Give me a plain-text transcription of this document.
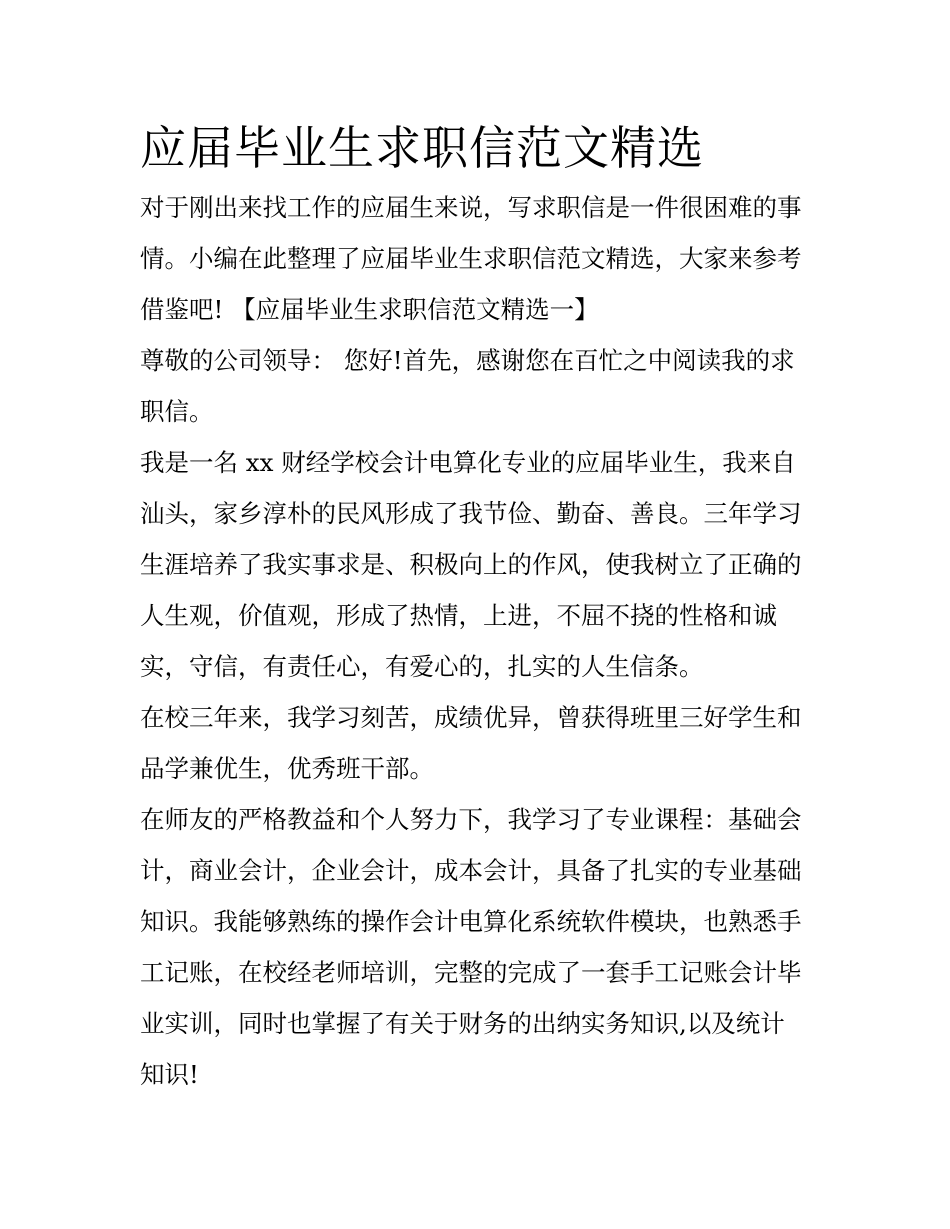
应届毕业生求职信范文精选

对于刚出来找工作的应届生来说，写求职信是一件很困难的事

情。小编在此整理了应届毕业生求职信范文精选，大家来参考

借鉴吧! 【应届毕业生求职信范文精选一】

尊敬的公司领导： 您好!首先，感谢您在百忙之中阅读我的求

职信。

我是一名 xx 财经学校会计电算化专业的应届毕业生，我来自

汕头，家乡淳朴的民风形成了我节俭、勤奋、善良。三年学习

生涯培养了我实事求是、积极向上的作风，使我树立了正确的

人生观，价值观，形成了热情，上进，不屈不挠的性格和诚

实，守信，有责任心，有爱心的，扎实的人生信条。

在校三年来，我学习刻苦，成绩优异，曾获得班里三好学生和

品学兼优生，优秀班干部。

在师友的严格教益和个人努力下，我学习了专业课程：基础会

计，商业会计，企业会计，成本会计，具备了扎实的专业基础

知识。我能够熟练的操作会计电算化系统软件模块，也熟悉手

工记账，在校经老师培训，完整的完成了一套手工记账会计毕

业实训，同时也掌握了有关于财务的出纳实务知识,以及统计

知识!
